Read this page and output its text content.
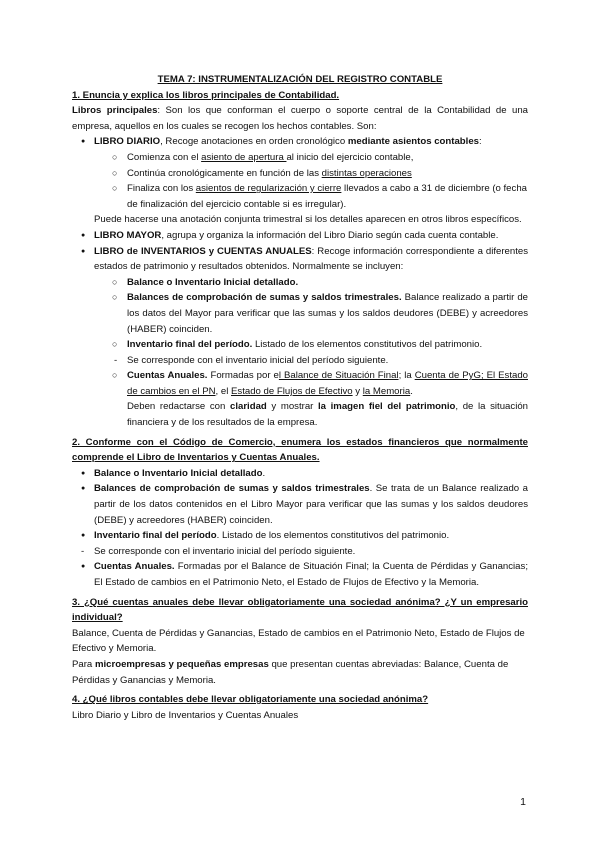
TEMA 7: INSTRUMENTALIZACIÓN DEL REGISTRO CONTABLE

1. Enuncia y explica los libros principales de Contabilidad.

Libros principales: Son los que conforman el cuerpo o soporte central de la Contabilidad de una empresa, aquellos en los cuales se recogen los hechos contables. Son:

● LIBRO DIARIO, Recoge anotaciones en orden cronológico mediante asientos contables:
○ Comienza con el asiento de apertura al inicio del ejercicio contable,
○ Continúa cronológicamente en función de las distintas operaciones
○ Finaliza con los asientos de regularización y cierre llevados a cabo a 31 de diciembre (o fecha de finalización del ejercicio contable si es irregular).

Puede hacerse una anotación conjunta trimestral si los detalles aparecen en otros libros específicos.

● LIBRO MAYOR, agrupa y organiza la información del Libro Diario según cada cuenta contable.
● LIBRO de INVENTARIOS y CUENTAS ANUALES: Recoge información correspondiente a diferentes estados de patrimonio y resultados obtenidos. Normalmente se incluyen:
○ Balance o Inventario Inicial detallado.
○ Balances de comprobación de sumas y saldos trimestrales. Balance realizado a partir de los datos del Mayor para verificar que las sumas y los saldos deudores (DEBE) y acreedores (HABER) coinciden.
○ Inventario final del período. Listado de los elementos constitutivos del patrimonio.
- Se corresponde con el inventario inicial del período siguiente.
○ Cuentas Anuales. Formadas por el Balance de Situación Final; la Cuenta de PyG; El Estado de cambios en el PN, el Estado de Flujos de Efectivo y la Memoria.

Deben redactarse con claridad y mostrar la imagen fiel del patrimonio, de la situación financiera y de los resultados de la empresa.

2. Conforme con el Código de Comercio, enumera los estados financieros que normalmente comprende el Libro de Inventarios y Cuentas Anuales.

● Balance o Inventario Inicial detallado.
● Balances de comprobación de sumas y saldos trimestrales. Se trata de un Balance realizado a partir de los datos contenidos en el Libro Mayor para verificar que las sumas y los saldos deudores (DEBE) y acreedores (HABER) coinciden.
● Inventario final del período. Listado de los elementos constitutivos del patrimonio.
- Se corresponde con el inventario inicial del período siguiente.
● Cuentas Anuales. Formadas por el Balance de Situación Final; la Cuenta de Pérdidas y Ganancias; El Estado de cambios en el Patrimonio Neto, el Estado de Flujos de Efectivo y la Memoria.

3. ¿Qué cuentas anuales debe llevar obligatoriamente una sociedad anónima? ¿Y un empresario individual?

Balance, Cuenta de Pérdidas y Ganancias, Estado de cambios en el Patrimonio Neto, Estado de Flujos de Efectivo y Memoria.

Para microempresas y pequeñas empresas que presentan cuentas abreviadas: Balance, Cuenta de Pérdidas y Ganancias y Memoria.

4. ¿Qué libros contables debe llevar obligatoriamente una sociedad anónima?

Libro Diario y Libro de Inventarios y Cuentas Anuales

1
